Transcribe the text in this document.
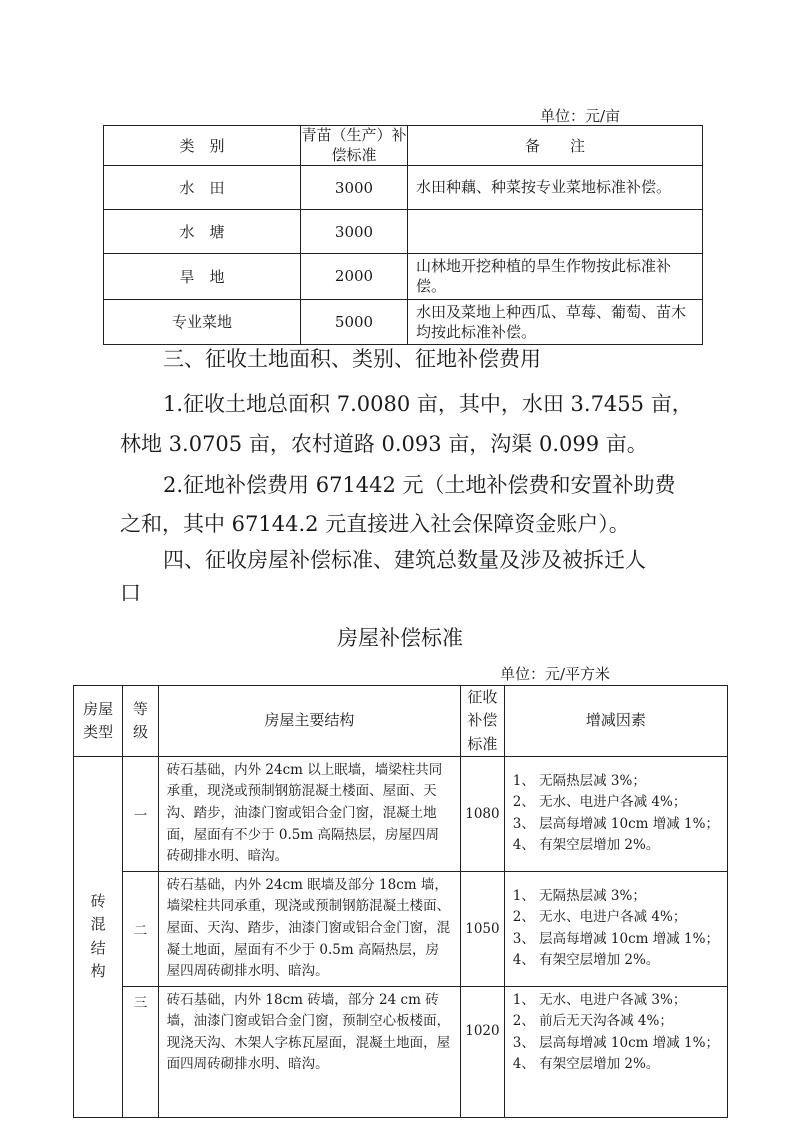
单位：元/亩
类　别	青苗（生产）补偿标准	备　　注
水　田	3000	水田种藕、种菜按专业菜地标准补偿。
水　塘	3000	
旱　地	2000	山林地开挖种植的旱生作物按此标准补偿。
专业菜地	5000	水田及菜地上种西瓜、草莓、葡萄、苗木均按此标准补偿。
三、征收土地面积、类别、征地补偿费用
1.征收土地总面积 7.0080 亩，其中，水田 3.7455 亩，
林地 3.0705 亩，农村道路 0.093 亩，沟渠 0.099 亩。
2.征地补偿费用 671442 元（土地补偿费和安置补助费
之和，其中 67144.2 元直接进入社会保障资金账户）。
四、征收房屋补偿标准、建筑总数量及涉及被拆迁人
口
房屋补偿标准
单位：元/平方米
房屋类型	等级	房屋主要结构	征收补偿标准	增减因素
砖混结构	一	砖石基础，内外 24cm 以上眠墙，墙梁柱共同承重，现浇或预制钢筋混凝土楼面、屋面、天沟、踏步，油漆门窗或铝合金门窗，混凝土地面，屋面有不少于 0.5m 高隔热层，房屋四周砖砌排水明、暗沟。	1080	1、 无隔热层减 3%；
2、 无水、电进户各减 4%；
3、 层高每增减 10cm 增减 1%；
4、 有架空层增加 2%。

	二	砖石基础，内外 24cm 眠墙及部分 18cm 墙，墙梁柱共同承重，现浇或预制钢筋混凝土楼面、屋面、天沟、踏步，油漆门窗或铝合金门窗，混凝土地面，屋面有不少于 0.5m 高隔热层，房屋四周砖砌排水明、暗沟。	1050	1、 无隔热层减 3%；
2、 无水、电进户各减 4%；
3、 层高每增减 10cm 增减 1%；
4、 有架空层增加 2%。

	三	砖石基础，内外 18cm 砖墙，部分 24 cm 砖墙，油漆门窗或铝合金门窗，预制空心板楼面，现浇天沟、木架人字栋瓦屋面，混凝土地面，屋面四周砖砌排水明、暗沟。	1020	1、 无水、电进户各减 3%；
2、 前后无天沟各减 4%；
3、 层高每增减 10cm 增减 1%；
4、 有架空层增加 2%。
